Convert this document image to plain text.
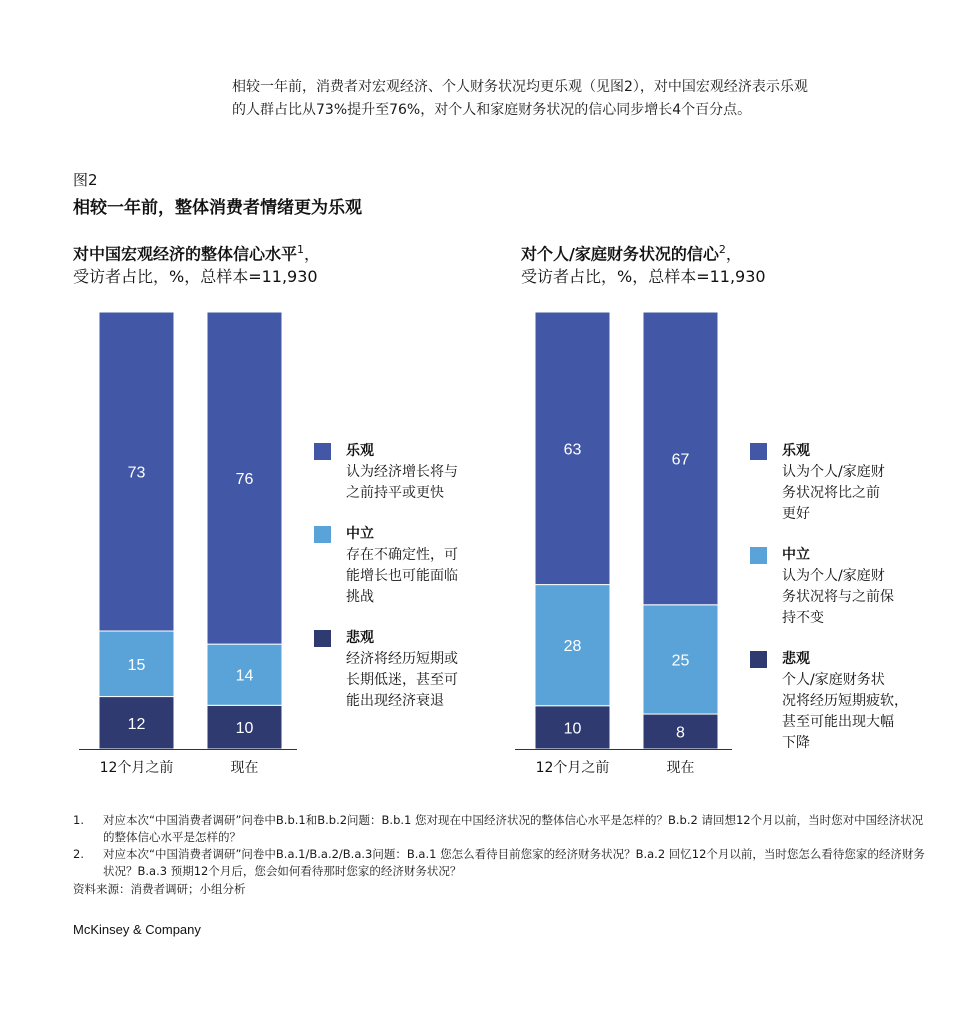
相较一年前，消费者对宏观经济、个人财务状况均更乐观（见图2），对中国宏观经济表示乐观
的人群占比从73%提升至76%，对个人和家庭财务状况的信心同步增长4个百分点。
图2
相较一年前，整体消费者情绪更为乐观
对中国宏观经济的整体信心水平$^1$，
受访者占比，%，总样本=11,930
对个人/家庭财务状况的信心$^2$，
受访者占比，%，总样本=11,930
12
15
73
12个月之前
10
14
76
现在
10
28
63
12个月之前
8
25
67
现在
乐观
认为经济增长将与
之前持平或更快
中立
存在不确定性，可
能增长也可能面临
挑战
悲观
经济将经历短期或
长期低迷，甚至可
能出现经济衰退
乐观
认为个人/家庭财
务状况将比之前
更好
中立
认为个人/家庭财
务状况将与之前保
持不变
悲观
个人/家庭财务状
况将经历短期疲软，
甚至可能出现大幅
下降
1. 对应本次“中国消费者调研”问卷中B.b.1和B.b.2问题：B.b.1 您对现在中国经济状况的整体信心水平是怎样的？B.b.2 请回想12个月以前，当时您对中国经济状况的整体信心水平是怎样的？
2. 对应本次“中国消费者调研”问卷中B.a.1/B.a.2/B.a.3问题：B.a.1 您怎么看待目前您家的经济财务状况？B.a.2 回忆12个月以前，当时您怎么看待您家的经济财务状况？B.a.3 预期12个月后，您会如何看待那时您家的经济财务状况？
资料来源：消费者调研；小组分析
McKinsey & Company
